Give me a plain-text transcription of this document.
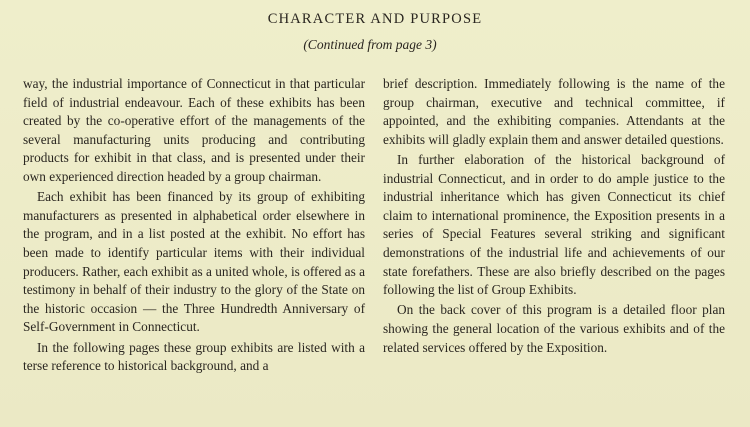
CHARACTER AND PURPOSE
(Continued from page 3)

way, the industrial importance of Connecticut in that particular field of industrial endeavour. Each of these exhibits has been created by the co-operative effort of the managements of the several manufacturing units producing and contributing products for exhibit in that class, and is presented under their own experienced direction headed by a group chairman.

Each exhibit has been financed by its group of exhibiting manufacturers as presented in alphabetical order elsewhere in the program, and in a list posted at the exhibit. No effort has been made to identify particular items with their individual producers. Rather, each exhibit as a united whole, is offered as a testimony in behalf of their industry to the glory of the State on the historic occasion — the Three Hundredth Anniversary of Self-Government in Connecticut.

In the following pages these group exhibits are listed with a terse reference to historical background, and a

brief description. Immediately following is the name of the group chairman, executive and technical committee, if appointed, and the exhibiting companies. Attendants at the exhibits will gladly explain them and answer detailed questions.

In further elaboration of the historical background of industrial Connecticut, and in order to do ample justice to the industrial inheritance which has given Connecticut its chief claim to international prominence, the Exposition presents in a series of Special Features several striking and significant demonstrations of the industrial life and achievements of our state forefathers. These are also briefly described on the pages following the list of Group Exhibits.

On the back cover of this program is a detailed floor plan showing the general location of the various exhibits and of the related services offered by the Exposition.
